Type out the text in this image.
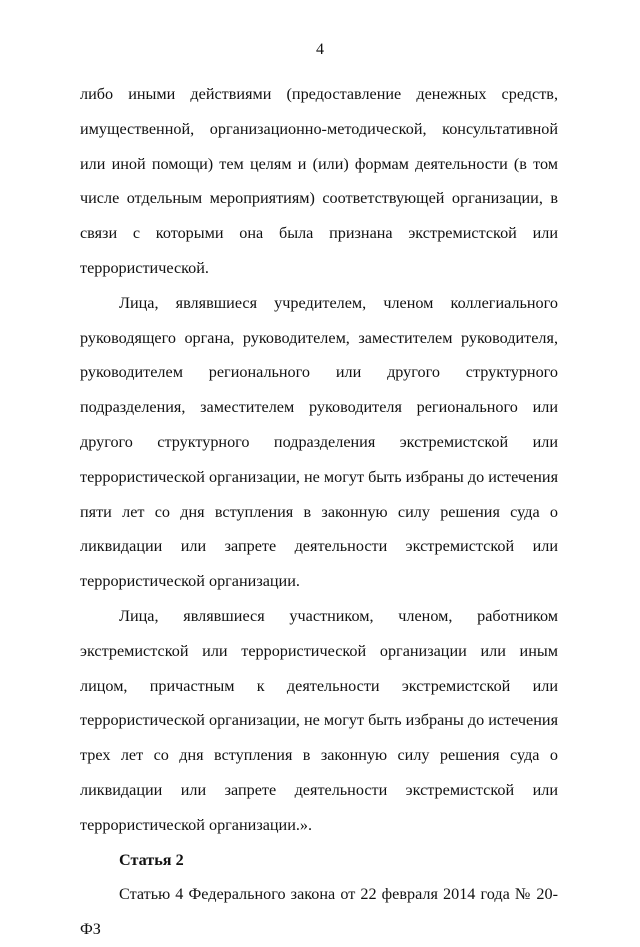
4

либо иными действиями (предоставление денежных средств, имущественной, организационно-методической, консультативной или иной помощи) тем целям и (или) формам деятельности (в том числе отдельным мероприятиям) соответствующей организации, в связи с которыми она была признана экстремистской или террористической.

Лица, являвшиеся учредителем, членом коллегиального руководящего органа, руководителем, заместителем руководителя, руководителем регионального или другого структурного подразделения, заместителем руководителя регионального или другого структурного подразделения экстремистской или террористической организации, не могут быть избраны до истечения пяти лет со дня вступления в законную силу решения суда о ликвидации или запрете деятельности экстремистской или террористической организации.

Лица, являвшиеся участником, членом, работником экстремистской или террористической организации или иным лицом, причастным к деятельности экстремистской или террористической организации, не могут быть избраны до истечения трех лет со дня вступления в законную силу решения суда о ликвидации или запрете деятельности экстремистской или террористической организации.».

Статья 2

Статью 4 Федерального закона от 22 февраля 2014 года № 20-ФЗ
